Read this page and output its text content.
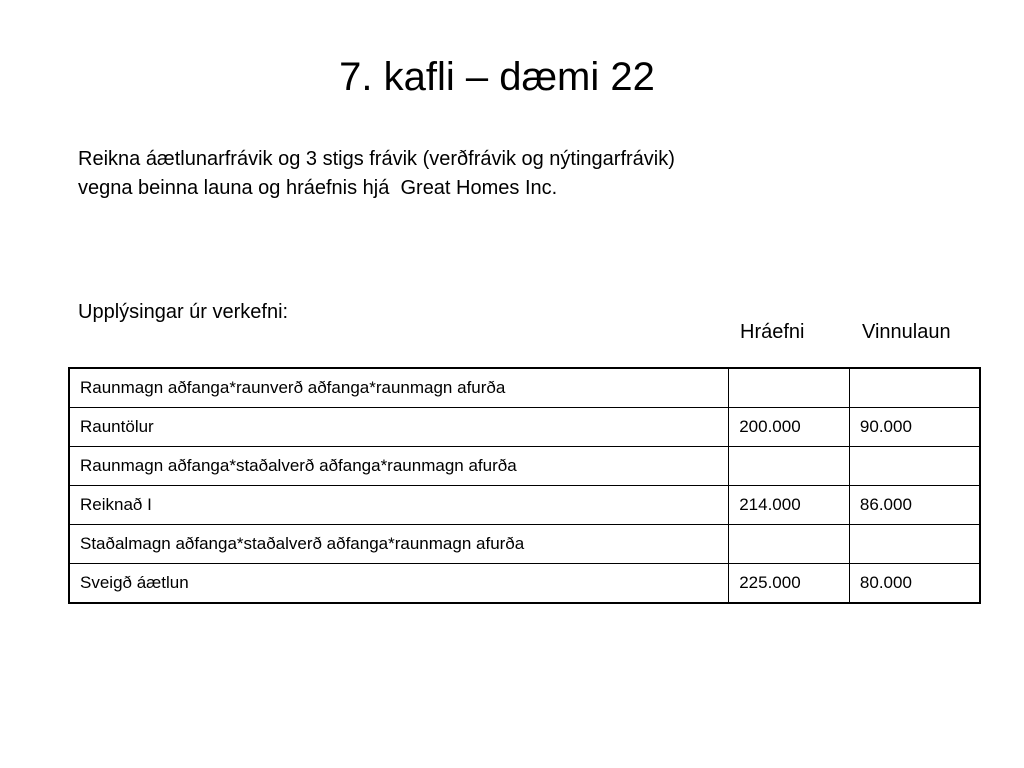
7. kafli – dæmi 22
Reikna áætlunarfrávik og 3 stigs frávik (verðfrávik og nýtingarfrávik)
vegna beinna launa og hráefnis hjá  Great Homes Inc.

Upplýsingar úr verkefni:

Hráefni	Vinnulaun
Raunmagn aðfanga*raunverð aðfanga*raunmagn afurða		
Rauntölur	200.000	90.000
Raunmagn aðfanga*staðalverð aðfanga*raunmagn afurða		
Reiknað I	214.000	86.000
Staðalmagn aðfanga*staðalverð aðfanga*raunmagn afurða		
Sveigð áætlun	225.000	80.000
